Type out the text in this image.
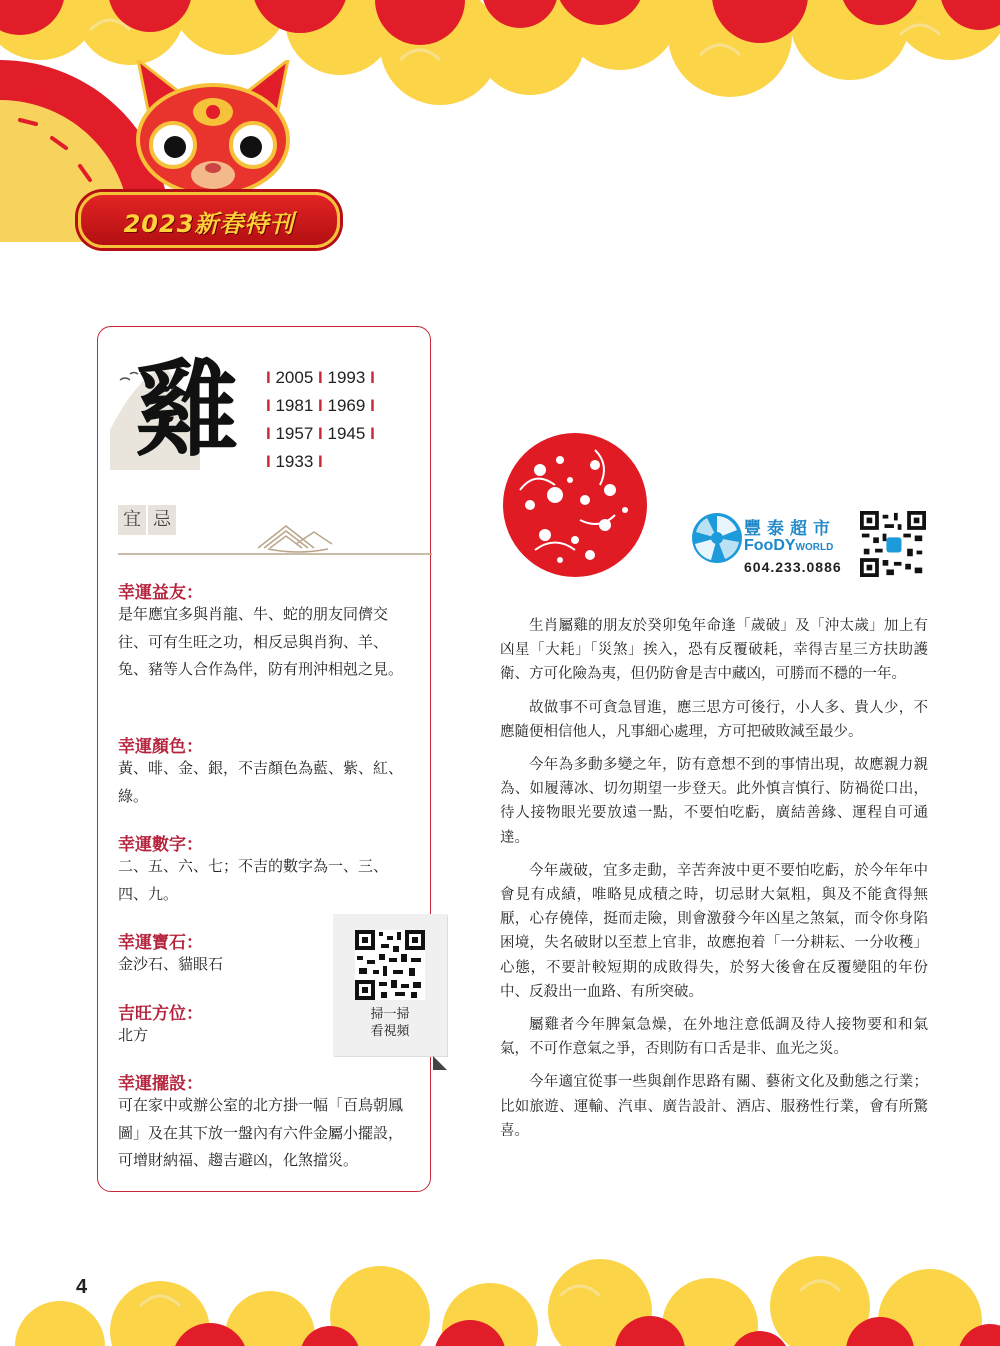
2023新春特刊
雞 I 2005 I 1993 I
I 1981 I 1969 I
I 1957 I 1945 I
I 1933 I
宜 忌
幸運益友：
是年應宜多與肖龍、牛、蛇的朋友同儕交往、可有生旺之功，相反忌與肖狗、羊、兔、豬等人合作為伴，防有刑沖相剋之見。
幸運顏色：
黃、啡、金、銀，不吉顏色為藍、紫、紅、綠。
幸運數字：
二、五、六、七；不吉的數字為一、三、四、九。
幸運寶石：
金沙石、貓眼石
吉旺方位：
北方
幸運擺設：
可在家中或辦公室的北方掛一幅「百鳥朝鳳圖」及在其下放一盤內有六件金屬小擺設，可增財納福、趨吉避凶，化煞擋災。
掃一掃
看視頻
豐泰超市
FooDYWORLD
604.233.0886

生肖屬雞的朋友於癸卯兔年命逢「歲破」及「沖太歲」加上有凶星「大耗」「災煞」挨入，恐有反覆破耗，幸得吉星三方扶助護衛、方可化險為夷，但仍防會是吉中藏凶，可勝而不穩的一年。

故做事不可貪急冒進，應三思方可後行，小人多、貴人少，不應隨便相信他人，凡事細心處理，方可把破敗減至最少。

今年為多動多變之年，防有意想不到的事情出現，故應親力親為、如履薄冰、切勿期望一步登天。此外慎言慎行、防禍從口出，待人接物眼光要放遠一點，不要怕吃虧，廣結善緣、運程自可通達。

今年歲破，宜多走動，辛苦奔波中更不要怕吃虧，於今年年中會見有成績，唯略見成積之時，切忌財大氣粗，與及不能貪得無厭，心存僥倖，挺而走險，則會激發今年凶星之煞氣，而令你身陷困境，失名破財以至惹上官非，故應抱着「一分耕耘、一分收穫」心態，不要計較短期的成敗得失，於努大後會在反覆變阻的年份中、反殺出一血路、有所突破。

屬雞者今年脾氣急燥，在外地注意低調及待人接物要和和氣氣，不可作意氣之爭，否則防有口舌是非、血光之災。

今年適宜從事一些與創作思路有關、藝術文化及動態之行業；比如旅遊、運輸、汽車、廣告設計、酒店、服務性行業，會有所驚喜。

4
